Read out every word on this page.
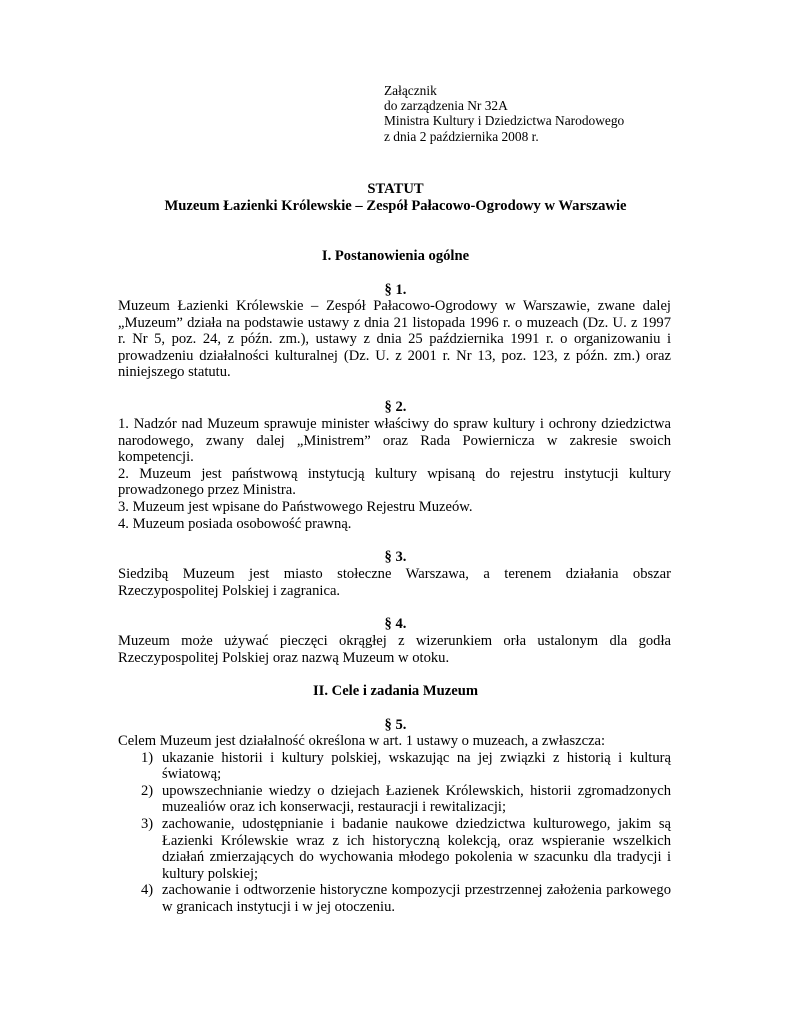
Załącznik
do zarządzenia Nr 32A
Ministra Kultury i Dziedzictwa Narodowego
z dnia 2 października 2008 r.
STATUT
Muzeum Łazienki Królewskie – Zespół Pałacowo-Ogrodowy w Warszawie
I. Postanowienia ogólne
§ 1.

Muzeum Łazienki Królewskie – Zespół Pałacowo-Ogrodowy w Warszawie, zwane dalej „Muzeum” działa na podstawie ustawy z dnia 21 listopada 1996 r. o muzeach (Dz. U. z 1997 r. Nr 5, poz. 24, z późn. zm.), ustawy z dnia 25 października 1991 r. o organizowaniu i prowadzeniu działalności kulturalnej (Dz. U. z 2001 r. Nr 13, poz. 123, z późn. zm.) oraz niniejszego statutu.

§ 2.

1. Nadzór nad Muzeum sprawuje minister właściwy do spraw kultury i ochrony dziedzictwa narodowego, zwany dalej „Ministrem” oraz Rada Powiernicza w zakresie swoich kompetencji.

2. Muzeum jest państwową instytucją kultury wpisaną do rejestru instytucji kultury prowadzonego przez Ministra.

3. Muzeum jest wpisane do Państwowego Rejestru Muzeów.

4. Muzeum posiada osobowość prawną.

§ 3.

Siedzibą Muzeum jest miasto stołeczne Warszawa, a terenem działania obszar Rzeczypospolitej Polskiej i zagranica.

§ 4.

Muzeum może używać pieczęci okrągłej z wizerunkiem orła ustalonym dla godła Rzeczypospolitej Polskiej oraz nazwą Muzeum w otoku.

II. Cele i zadania Muzeum
§ 5.

Celem Muzeum jest działalność określona w art. 1 ustawy o muzeach, a zwłaszcza:

1) ukazanie historii i kultury polskiej, wskazując na jej związki z historią i kulturą światową;
2) upowszechnianie wiedzy o dziejach Łazienek Królewskich, historii zgromadzonych muzealiów oraz ich konserwacji, restauracji i rewitalizacji;
3) zachowanie, udostępnianie i badanie naukowe dziedzictwa kulturowego, jakim są Łazienki Królewskie wraz z ich historyczną kolekcją, oraz wspieranie wszelkich działań zmierzających do wychowania młodego pokolenia w szacunku dla tradycji i kultury polskiej;
4) zachowanie i odtworzenie historyczne kompozycji przestrzennej założenia parkowego w granicach instytucji i w jej otoczeniu.
